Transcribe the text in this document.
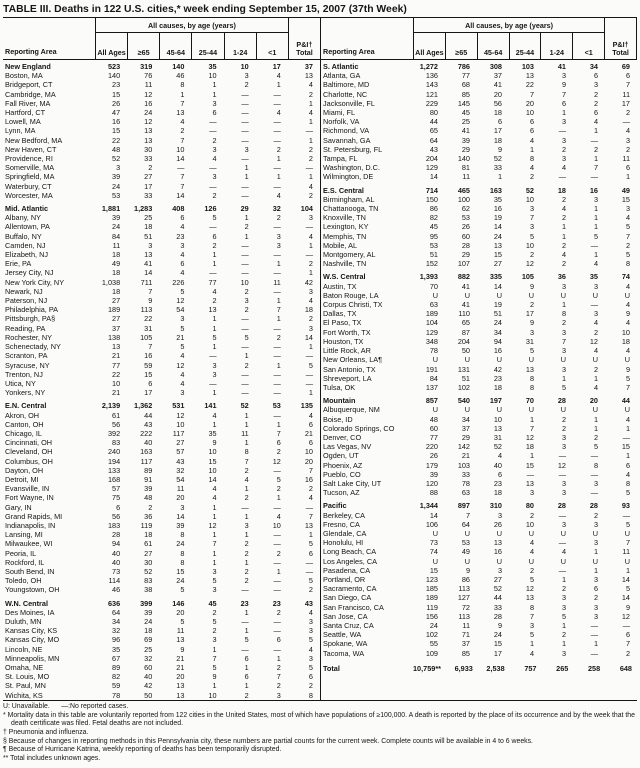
TABLE III. Deaths in 122 U.S. cities,* week ending September 15, 2007 (37th Week)
Reporting Area
All causes, by age (years)
All Ages	≥65	45-64	25-44	1-24	<1
P&I† Total
New England	523	319	140	35	10	17	37
Boston, MA	140	76	46	10	3	4	13
Bridgeport, CT	23	11	8	1	2	1	4
Cambridge, MA	15	12	1	1	—	—	2
Fall River, MA	26	16	7	3	—	—	1
Hartford, CT	47	24	13	6	—	4	4
Lowell, MA	16	12	4	—	—	—	1
Lynn, MA	15	13	2	—	—	—	—
New Bedford, MA	22	13	7	2	—	—	1
New Haven, CT	48	30	10	3	3	2	2
Providence, RI	52	33	14	4	—	1	2
Somerville, MA	3	2	—	—	1	—	—
Springfield, MA	39	27	7	3	1	1	1
Waterbury, CT	24	17	7	—	—	—	4
Worcester, MA	53	33	14	2	—	4	2
Mid. Atlantic	1,881	1,283	408	126	29	32	104
Albany, NY	39	25	6	5	1	2	3
Allentown, PA	24	18	4	—	2	—	—
Buffalo, NY	84	51	23	6	1	3	4
Camden, NJ	11	3	3	2	—	3	1
Elizabeth, NJ	18	13	4	1	—	—	—
Erie, PA	49	41	6	1	—	1	2
Jersey City, NJ	18	14	4	—	—	—	1
New York City, NY	1,038	711	226	77	10	11	42
Newark, NJ	18	7	5	4	2	—	3
Paterson, NJ	27	9	12	2	3	1	4
Philadelphia, PA	189	113	54	13	2	7	18
Pittsburgh, PA§	27	22	3	1	—	1	2
Reading, PA	37	31	5	1	—	—	3
Rochester, NY	138	105	21	5	5	2	14
Schenectady, NY	13	7	5	1	—	—	1
Scranton, PA	21	16	4	—	1	—	—
Syracuse, NY	77	59	12	3	2	1	5
Trenton, NJ	22	15	4	3	—	—	—
Utica, NY	10	6	4	—	—	—	—
Yonkers, NY	21	17	3	1	—	—	1
E.N. Central	2,139	1,362	531	141	52	53	135
Akron, OH	61	44	12	4	1	—	4
Canton, OH	56	43	10	1	1	1	6
Chicago, IL	392	222	117	35	11	7	21
Cincinnati, OH	83	40	27	9	1	6	6
Cleveland, OH	240	163	57	10	8	2	10
Columbus, OH	194	117	43	15	7	12	20
Dayton, OH	133	89	32	10	2	—	7
Detroit, MI	168	91	54	14	4	5	16
Evansville, IN	57	39	11	4	1	2	2
Fort Wayne, IN	75	48	20	4	2	1	4
Gary, IN	6	2	3	1	—	—	—
Grand Rapids, MI	56	36	14	1	1	4	7
Indianapolis, IN	183	119	39	12	3	10	13
Lansing, MI	28	18	8	1	1	—	1
Milwaukee, WI	94	61	24	7	2	—	5
Peoria, IL	40	27	8	1	2	2	6
Rockford, IL	40	30	8	1	1	—	—
South Bend, IN	73	52	15	3	2	1	—
Toledo, OH	114	83	24	5	2	—	5
Youngstown, OH	46	38	5	3	—	—	2
W.N. Central	636	399	146	45	23	23	43
Des Moines, IA	64	39	20	2	1	2	4
Duluth, MN	34	24	5	5	—	—	3
Kansas City, KS	32	18	11	2	1	—	3
Kansas City, MO	96	69	13	3	5	6	5
Lincoln, NE	35	25	9	1	—	—	4
Minneapolis, MN	67	32	21	7	6	1	3
Omaha, NE	89	60	21	5	1	2	5
St. Louis, MO	82	40	20	9	6	7	6
St. Paul, MN	59	42	13	1	1	2	2
Wichita, KS	78	50	13	10	2	3	8
Reporting Area
All causes, by age (years)
All Ages	≥65	45-64	25-44	1-24	<1
P&I† Total
S. Atlantic	1,272	786	308	103	41	34	69
Atlanta, GA	136	77	37	13	3	6	6
Baltimore, MD	143	68	41	22	9	3	7
Charlotte, NC	121	85	20	7	7	2	11
Jacksonville, FL	229	145	56	20	6	2	17
Miami, FL	80	45	18	10	1	6	2
Norfolk, VA	44	25	6	6	3	4	—
Richmond, VA	65	41	17	6	—	1	4
Savannah, GA	64	39	18	4	3	—	3
St. Petersburg, FL	43	29	9	1	2	2	2
Tampa, FL	204	140	52	8	3	1	11
Washington, D.C.	129	81	33	4	4	7	6
Wilmington, DE	14	11	1	2	—	—	1
E.S. Central	714	465	163	52	18	16	49
Birmingham, AL	150	100	35	10	2	3	15
Chattanooga, TN	86	62	16	3	4	1	3
Knoxville, TN	82	53	19	7	2	1	4
Lexington, KY	45	26	14	3	1	1	5
Memphis, TN	95	60	24	5	1	5	7
Mobile, AL	53	28	13	10	2	—	2
Montgomery, AL	51	29	15	2	4	1	5
Nashville, TN	152	107	27	12	2	4	8
W.S. Central	1,393	882	335	105	36	35	74
Austin, TX	70	41	14	9	3	3	4
Baton Rouge, LA	U	U	U	U	U	U	U
Corpus Christi, TX	63	41	19	2	1	—	4
Dallas, TX	189	110	51	17	8	3	9
El Paso, TX	104	65	24	9	2	4	4
Fort Worth, TX	129	87	34	3	3	2	10
Houston, TX	348	204	94	31	7	12	18
Little Rock, AR	78	50	16	5	3	4	4
New Orleans, LA¶	U	U	U	U	U	U	U
San Antonio, TX	191	131	42	13	3	2	9
Shreveport, LA	84	51	23	8	1	1	5
Tulsa, OK	137	102	18	8	5	4	7
Mountain	857	540	197	70	28	20	44
Albuquerque, NM	U	U	U	U	U	U	U
Boise, ID	48	34	10	1	2	1	4
Colorado Springs, CO	60	37	13	7	2	1	1
Denver, CO	77	29	31	12	3	2	—
Las Vegas, NV	220	142	52	18	3	5	15
Ogden, UT	26	21	4	1	—	—	1
Phoenix, AZ	179	103	40	15	12	8	6
Pueblo, CO	39	33	6	—	—	—	4
Salt Lake City, UT	120	78	23	13	3	3	8
Tucson, AZ	88	63	18	3	3	—	5
Pacific	1,344	897	310	80	28	28	93
Berkeley, CA	14	7	3	2	—	2	—
Fresno, CA	106	64	26	10	3	3	5
Glendale, CA	U	U	U	U	U	U	U
Honolulu, HI	73	53	13	4	—	3	7
Long Beach, CA	74	49	16	4	4	1	11
Los Angeles, CA	U	U	U	U	U	U	U
Pasadena, CA	15	9	3	2	—	1	1
Portland, OR	123	86	27	5	1	3	14
Sacramento, CA	185	113	52	12	2	6	5
San Diego, CA	189	127	44	13	3	2	14
San Francisco, CA	119	72	33	8	3	3	9
San Jose, CA	156	113	28	7	5	3	12
Santa Cruz, CA	24	11	9	3	1	—	—
Seattle, WA	102	71	24	5	2	—	6
Spokane, WA	55	37	15	1	1	1	7
Tacoma, WA	109	85	17	4	3	—	2
Total	10,759**	6,933	2,538	757	265	258	648
U: Unavailable.      —:No reported cases.
* Mortality data in this table are voluntarily reported from 122 cities in the United States, most of which have populations of ≥100,000. A death is reported by the place of its occurrence and by the week that the death certificate was filed. Fetal deaths are not included.
† Pneumonia and influenza.
§ Because of changes in reporting methods in this Pennsylvania city, these numbers are partial counts for the current week. Complete counts will be available in 4 to 6 weeks.
¶ Because of Hurricane Katrina, weekly reporting of deaths has been temporarily disrupted.
** Total includes unknown ages.
